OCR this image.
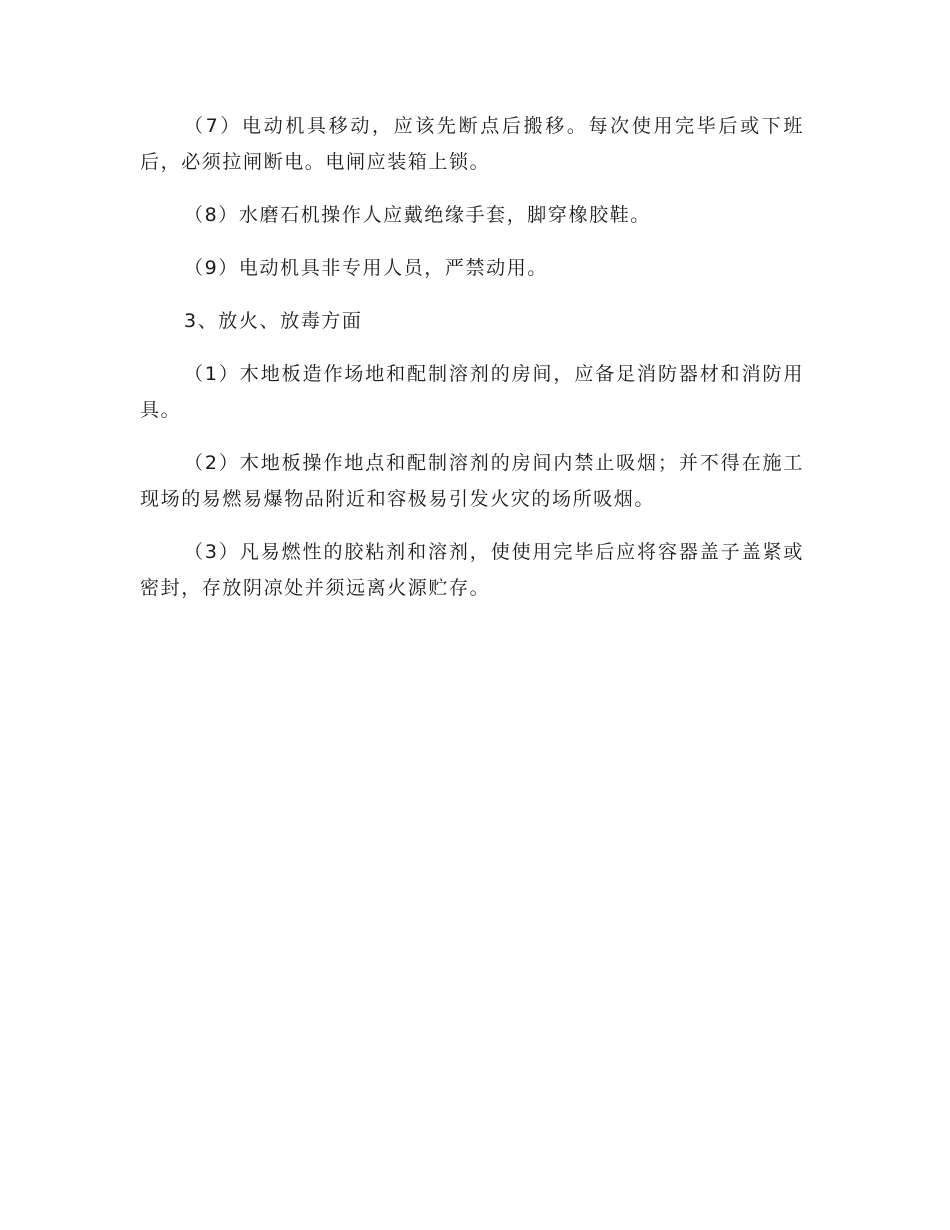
（7）电动机具移动，应该先断点后搬移。每次使用完毕后或下班后，必须拉闸断电。电闸应装箱上锁。

（8）水磨石机操作人应戴绝缘手套，脚穿橡胶鞋。

（9）电动机具非专用人员，严禁动用。

3、放火、放毒方面

（1）木地板造作场地和配制溶剂的房间，应备足消防器材和消防用具。

（2）木地板操作地点和配制溶剂的房间内禁止吸烟；并不得在施工现场的易燃易爆物品附近和容极易引发火灾的场所吸烟。

（3）凡易燃性的胶粘剂和溶剂，使使用完毕后应将容器盖子盖紧或密封，存放阴凉处并须远离火源贮存。
